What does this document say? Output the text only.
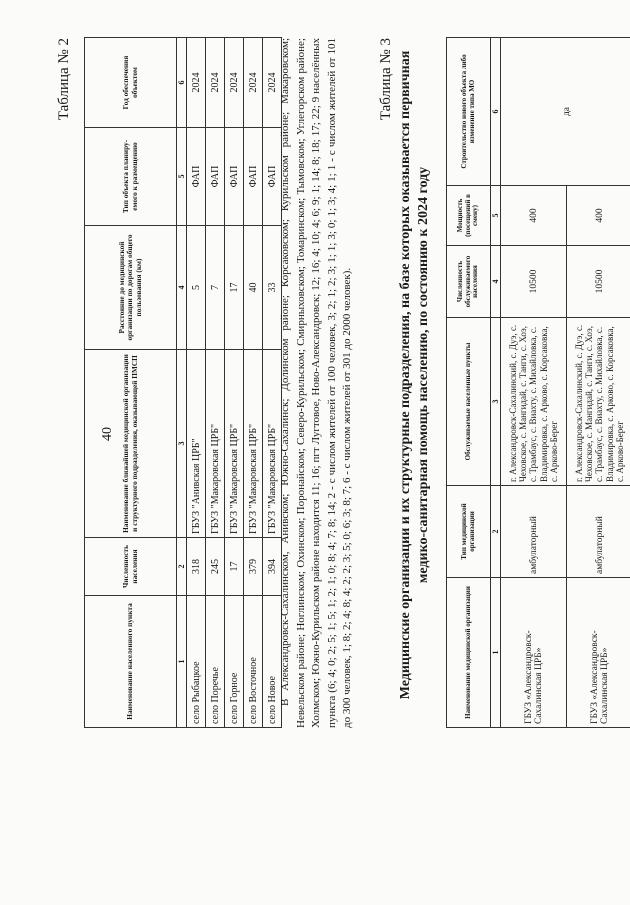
40
Таблица № 2
Наименование населенного пункта	Численность населения	Наименование ближайшей медицинской организации и структурного подразделения, оказывающей ПМСП	Расстояние до медицинской организации по дорогам общего пользования (км)	Тип объекта планиру-емого к размещению	Год обеспечения объектом
1	2	3	4	5	6
село Рыбацкое	318	ГБУЗ "Анивская ЦРБ"	5	ФАП	2024
село Поречье	245	ГБУЗ "Макаровская ЦРБ"	7	ФАП	2024
село Горное	17	ГБУЗ "Макаровская ЦРБ"	17	ФАП	2024
село Восточное	379	ГБУЗ "Макаровская ЦРБ"	40	ФАП	2024
село Новое	394	ГБУЗ "Макаровская ЦРБ"	33	ФАП	2024 В Александровск-Сахалинском, Анивском; Южно-Сахалинск; Долинском районе; Корсаковском; Курильском районе; Макаровском; Невельском районе; Ноглинском; Охинском; Поронайском; Северо-Курильском; Смирныховском; Томаринском; Тымовском; Углегорском районе; Холмском; Южно-Курильском районе находится 11; 16; пгт Лугтовое, Ново-Александровск; 12; 16; 4; 10; 4; 6; 9; 1; 14; 8; 18; 17; 22; 9 населённых пункта (6; 4; 0; 2; 5; 1; 5; 1; 2; 1; 0; 8; 4; 7; 8; 14; 2 - с числом жителей от 100 человек, 3; 2; 1; 2; 3; 1; 1; 3; 0; 1; 3; 4; 1; 1 - с числом жителей от 101 до 300 человек, 1; 8; 2; 4; 8; 4; 2; 2; 3; 5; 0; 6; 3; 8; 7; 6 - с числом жителей от 301 до 2000 человек).
Таблица № 3 Медицинские организации и их структурные подразделения, на базе которых оказывается первичная медико-санитарная помощь населению, по состоянию к 2024 году
Наименование медицинской организации	Тип медицинской организации	Обслуживаемые населенные пункты	Численность обслуживаемого населения	Мощность (посещений в смену)	Строительство нового объекта либо изменение типа МО
1	2	3	4	5	6
ГБУЗ «Александровск-Сахалинская ЦРБ»	амбулаторный	г. Александровск-Сахалинский, с. Дуэ, с. Чеховское, с. Мангидай, с. Танги, с. Хоэ, с. Трамбаус, с. Виахту, с. Михайловка, с. Владимировка, с. Арково, с. Корсаковка, с. Арково-Берег	10500	400	да
ГБУЗ «Александровск-Сахалинская ЦРБ»	амбулаторный	г. Александровск-Сахалинский, с. Дуэ, с. Чеховское, с. Мангидай, с. Танги, с. Хоэ, с. Трамбаус, с. Виахту, с. Михайловка, с. Владимировка, с. Арково, с. Корсаковка, с. Арково-Берег	10500	400	
